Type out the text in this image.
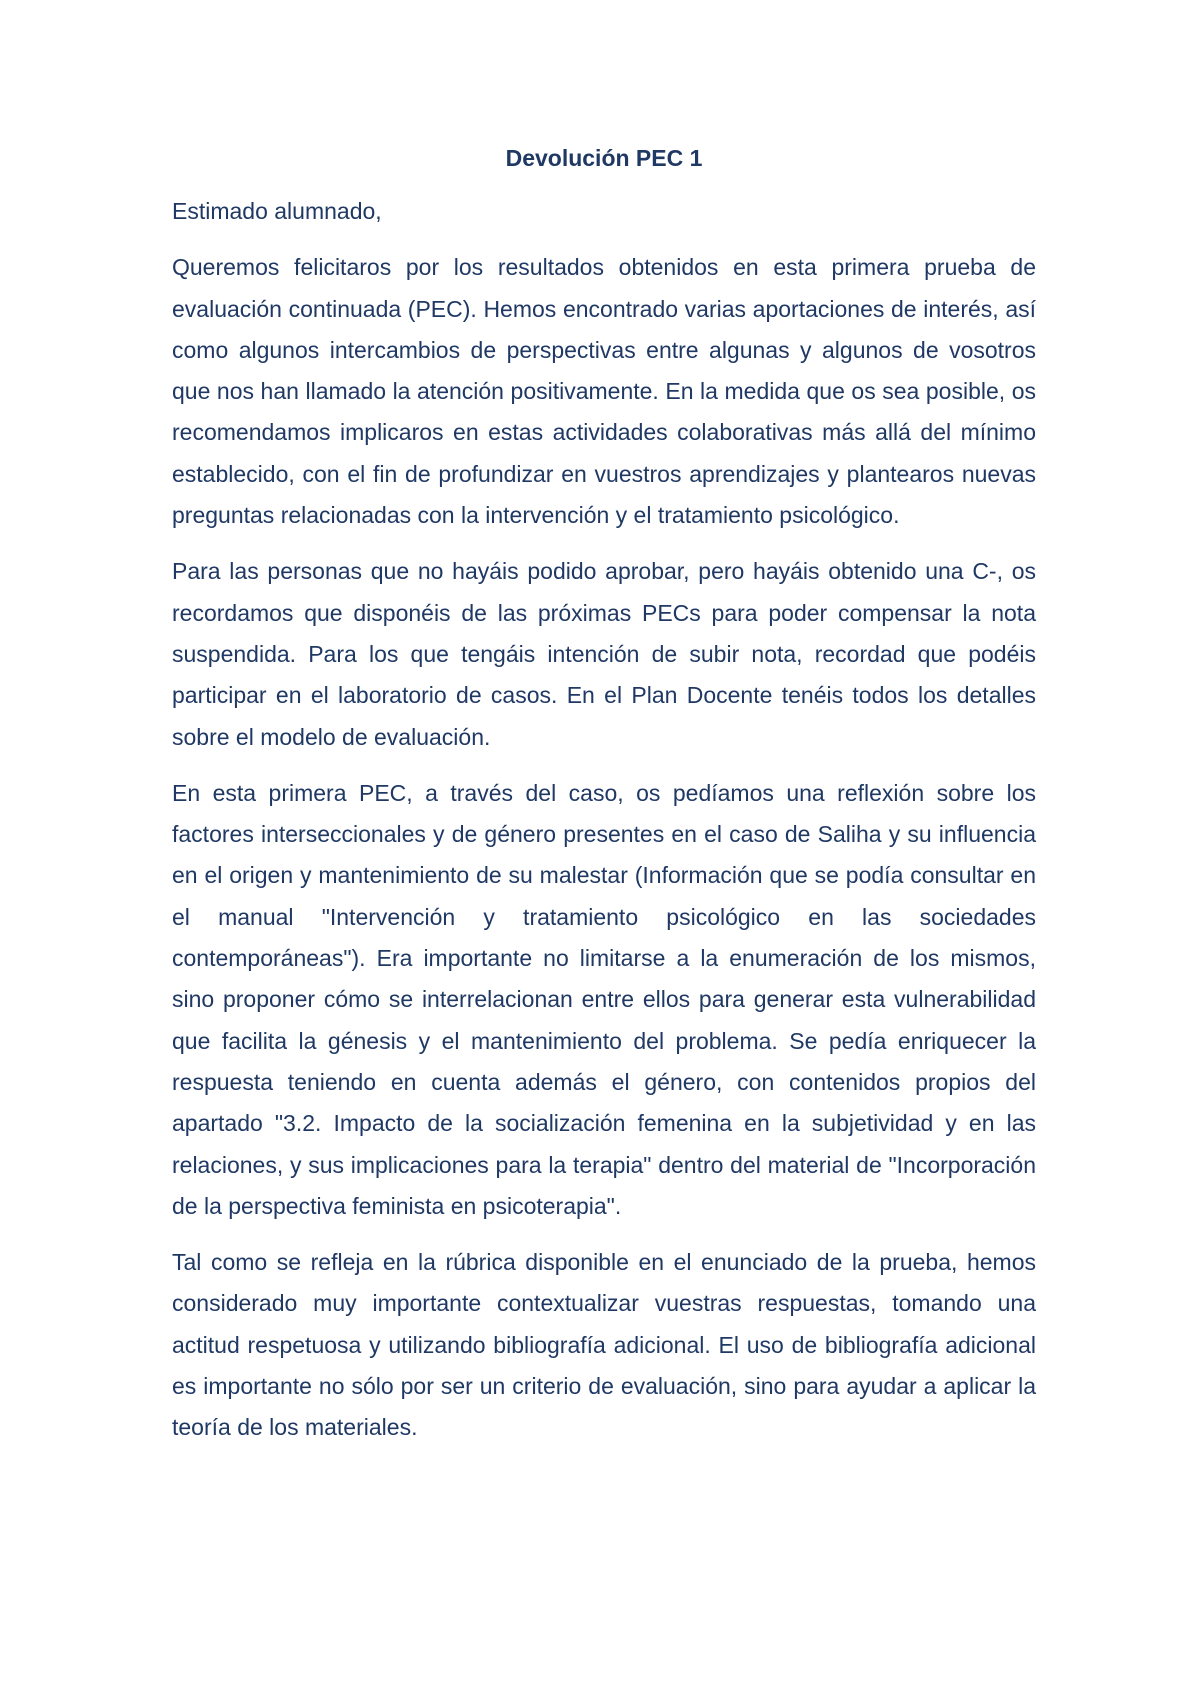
Devolución PEC 1

Estimado alumnado,

Queremos felicitaros por los resultados obtenidos en esta primera prueba de evaluación continuada (PEC). Hemos encontrado varias aportaciones de interés, así como algunos intercambios de perspectivas entre algunas y algunos de vosotros que nos han llamado la atención positivamente. En la medida que os sea posible, os recomendamos implicaros en estas actividades colaborativas más allá del mínimo establecido, con el fin de profundizar en vuestros aprendizajes y plantearos nuevas preguntas relacionadas con la intervención y el tratamiento psicológico.

Para las personas que no hayáis podido aprobar, pero hayáis obtenido una C-, os recordamos que disponéis de las próximas PECs para poder compensar la nota suspendida. Para los que tengáis intención de subir nota, recordad que podéis participar en el laboratorio de casos. En el Plan Docente tenéis todos los detalles sobre el modelo de evaluación.

En esta primera PEC, a través del caso, os pedíamos una reflexión sobre los factores interseccionales y de género presentes en el caso de Saliha y su influencia en el origen y mantenimiento de su malestar (Información que se podía consultar en el manual "Intervención y tratamiento psicológico en las sociedades contemporáneas"). Era importante no limitarse a la enumeración de los mismos, sino proponer cómo se interrelacionan entre ellos para generar esta vulnerabilidad que facilita la génesis y el mantenimiento del problema. Se pedía enriquecer la respuesta teniendo en cuenta además el género, con contenidos propios del apartado "3.2. Impacto de la socialización femenina en la subjetividad y en las relaciones, y sus implicaciones para la terapia" dentro del material de "Incorporación de la perspectiva feminista en psicoterapia".

Tal como se refleja en la rúbrica disponible en el enunciado de la prueba, hemos considerado muy importante contextualizar vuestras respuestas, tomando una actitud respetuosa y utilizando bibliografía adicional. El uso de bibliografía adicional es importante no sólo por ser un criterio de evaluación, sino para ayudar a aplicar la teoría de los materiales.
